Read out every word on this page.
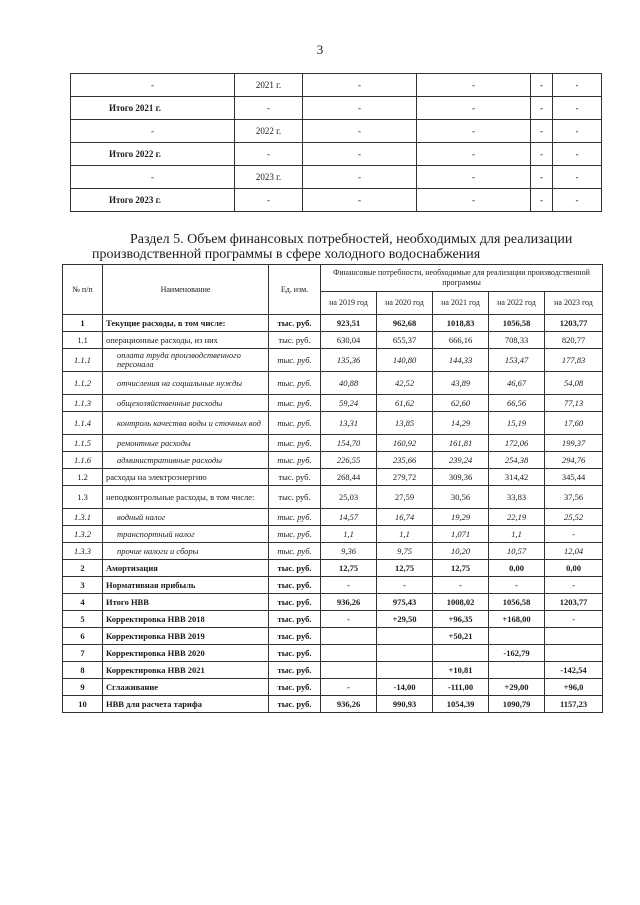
3
-	2021 г.	-	-	-	-
Итого 2021 г.	-	-	-	-	-
-	2022 г.	-	-	-	-
Итого 2022 г.	-	-	-	-	-
-	2023 г.	-	-	-	-
Итого 2023 г.	-	-	-	-	-
Раздел 5. Объем финансовых потребностей, необходимых для реализации
производственной программы в сфере холодного водоснабжения
№ п/п	Наименование	Ед. изм.	Финансовые потребности, необходимые для реализации производственной программы				
			на 2019 год	на 2020 год	на 2021 год	на 2022 год	на 2023 год
1	Текущие расходы, в том числе:	тыс. руб.	923,51	962,68	1018,83	1056,58	1203,77
1.1	операционные расходы, из них	тыс. руб.	630,04	655,37	666,16	708,33	820,77
1.1.1	оплата труда производственного персонала	тыс. руб.	135,36	140,80	144,33	153,47	177,83
1.1.2	отчисления на социальные нужды	тыс. руб.	40,88	42,52	43,89	46,67	54,08
1.1.3	общехозяйственные расходы	тыс. руб.	59,24	61,62	62,60	66,56	77,13
1.1.4	контроль качества воды и сточных вод	тыс. руб.	13,31	13,85	14,29	15,19	17,60
1.1.5	ремонтные расходы	тыс. руб.	154,70	160,92	161,81	172,06	199,37
1.1.6	административные расходы	тыс. руб.	226,55	235,66	239,24	254,38	294,76
1.2	расходы на электроэнергию	тыс. руб.	268,44	279,72	309,36	314,42	345,44
1.3	неподконтрольные расходы, в том числе:	тыс. руб.	25,03	27,59	30,56	33,83	37,56
1.3.1	водный налог	тыс. руб.	14,57	16,74	19,29	22,19	25,52
1.3.2	транспортный налог	тыс. руб.	1,1	1,1	1,071	1,1	-
1.3.3	прочие налоги и сборы	тыс. руб.	9,36	9,75	10,20	10,57	12,04
2	Амортизация	тыс. руб.	12,75	12,75	12,75	0,00	0,00
3	Нормативная прибыль	тыс. руб.	-	-	-	-	-
4	Итого НВВ	тыс. руб.	936,26	975,43	1008,02	1056,58	1203,77
5	Корректировка НВВ 2018	тыс. руб.	-	+29,50	+96,35	+168,00	-
6	Корректировка НВВ 2019	тыс. руб.			+50,21		
7	Корректировка НВВ 2020	тыс. руб.				-162,79	
8	Корректировка НВВ 2021	тыс. руб.			+10,81		-142,54
9	Сглаживание	тыс. руб.	-	-14,00	-111,00	+29,00	+96,0
10	НВВ для расчета тарифа	тыс. руб.	936,26	990,93	1054,39	1090,79	1157,23
